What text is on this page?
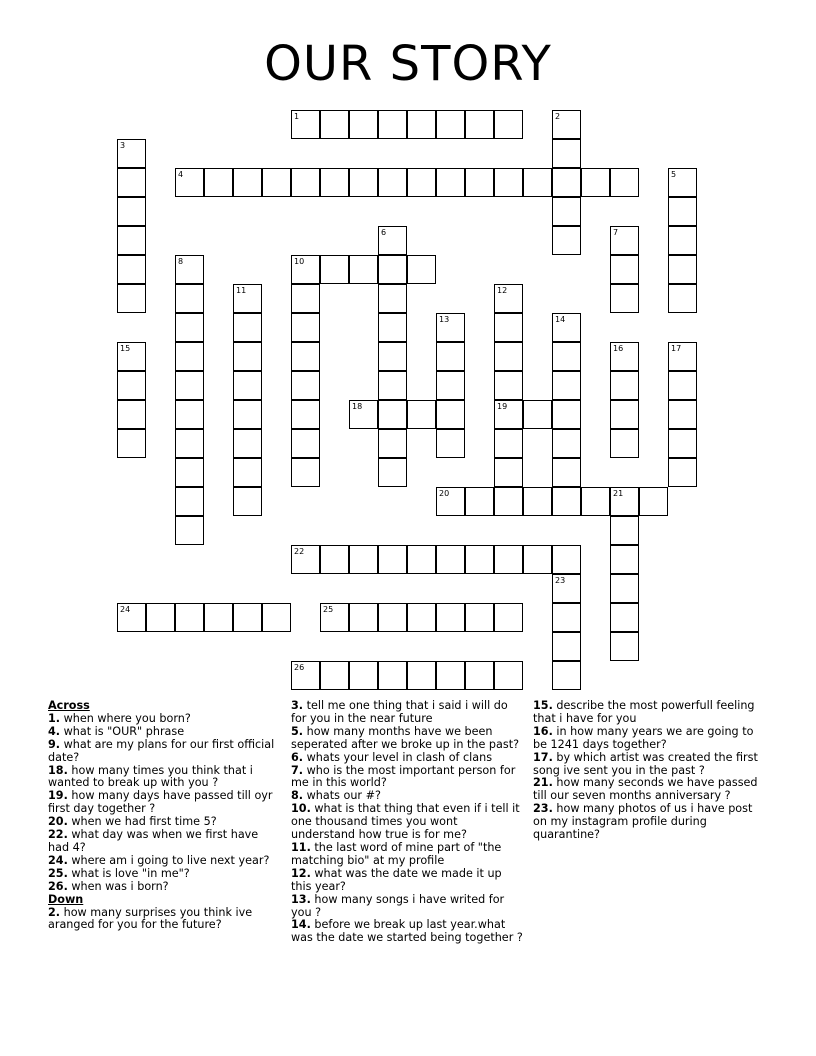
OUR STORY
1
4
10
18	19
20	21
22
24	25
26
2
3
5
6	7
8
11	12
13	14
15	16	17
23

Across

1. when where you born?

4. what is "OUR" phrase

9. what are my plans for our first official date?

18. how many times you think that i wanted to break up with you ?

19. how many days have passed till oyr first day together ?

20. when we had first time 5?

22. what day was when we first have had 4?

24. where am i going to live next year?

25. what is love "in me"?

26. when was i born?

Down

2. how many surprises you think ive aranged for you for the future?

3. tell me one thing that i said i will do for you in the near future

5. how many months have we been seperated after we broke up in the past?

6. whats your level in clash of clans

7. who is the most important person for me in this world?

8. whats our #?

10. what is that thing that even if i tell it one thousand times you wont understand how true is for me?

11. the last word of mine part of "the matching bio" at my profile

12. what was the date we made it up this year?

13. how many songs i have writed for you ?

14. before we break up last year.what was the date we started being together ?

15. describe the most powerfull feeling that i have for you

16. in how many years we are going to be 1241 days together?

17. by which artist was created the first song ive sent you in the past ?

21. how many seconds we have passed till our seven months anniversary ?

23. how many photos of us i have post on my instagram profile during quarantine?
